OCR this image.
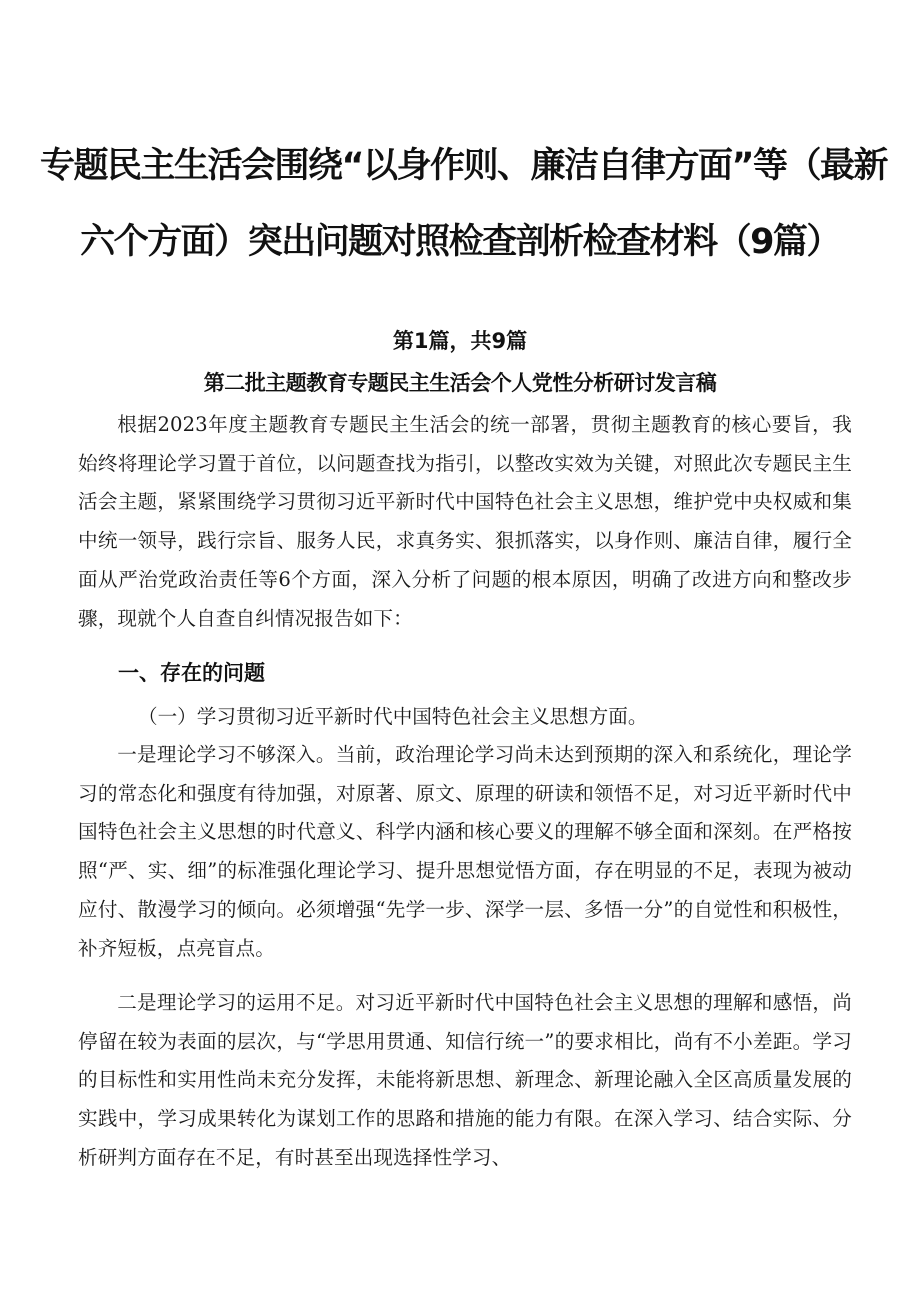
专题民主生活会围绕“以身作则、廉洁自律方面”等（最新
六个方面）突出问题对照检查剖析检查材料（9篇）

第1篇，共9篇

第二批主题教育专题民主生活会个人党性分析研讨发言稿

根据2023年度主题教育专题民主生活会的统一部署，贯彻主题教育的核心要旨，我始终将理论学习置于首位，以问题查找为指引，以整改实效为关键，对照此次专题民主生活会主题，紧紧围绕学习贯彻习近平新时代中国特色社会主义思想，维护党中央权威和集中统一领导，践行宗旨、服务人民，求真务实、狠抓落实，以身作则、廉洁自律，履行全面从严治党政治责任等6个方面，深入分析了问题的根本原因，明确了改进方向和整改步骤，现就个人自查自纠情况报告如下：

一、存在的问题

（一）学习贯彻习近平新时代中国特色社会主义思想方面。

一是理论学习不够深入。当前，政治理论学习尚未达到预期的深入和系统化，理论学习的常态化和强度有待加强，对原著、原文、原理的研读和领悟不足，对习近平新时代中国特色社会主义思想的时代意义、科学内涵和核心要义的理解不够全面和深刻。在严格按照“严、实、细”的标准强化理论学习、提升思想觉悟方面，存在明显的不足，表现为被动应付、散漫学习的倾向。必须增强“先学一步、深学一层、多悟一分”的自觉性和积极性，补齐短板，点亮盲点。

二是理论学习的运用不足。对习近平新时代中国特色社会主义思想的理解和感悟，尚停留在较为表面的层次，与“学思用贯通、知信行统一”的要求相比，尚有不小差距。学习的目标性和实用性尚未充分发挥，未能将新思想、新理念、新理论融入全区高质量发展的实践中，学习成果转化为谋划工作的思路和措施的能力有限。在深入学习、结合实际、分析研判方面存在不足，有时甚至出现选择性学习、
